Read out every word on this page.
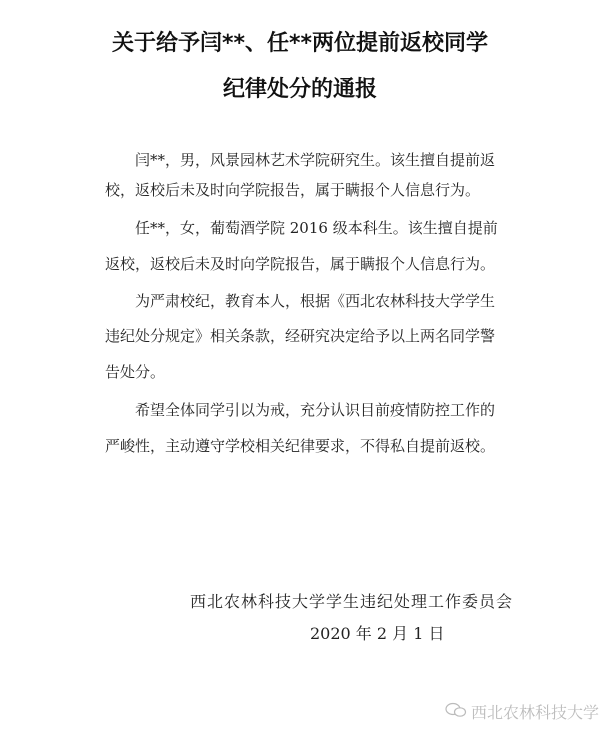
关于给予闫**、任**两位提前返校同学
纪律处分的通报
闫**，男，风景园林艺术学院研究生。该生擅自提前返
校，返校后未及时向学院报告，属于瞒报个人信息行为。
任**，女，葡萄酒学院 2016 级本科生。该生擅自提前
返校，返校后未及时向学院报告，属于瞒报个人信息行为。
为严肃校纪，教育本人，根据《西北农林科技大学学生
违纪处分规定》相关条款，经研究决定给予以上两名同学警
告处分。
希望全体同学引以为戒，充分认识目前疫情防控工作的
严峻性，主动遵守学校相关纪律要求，不得私自提前返校。
西北农林科技大学学生违纪处理工作委员会
2020 年 2 月 1 日
西北农林科技大学
